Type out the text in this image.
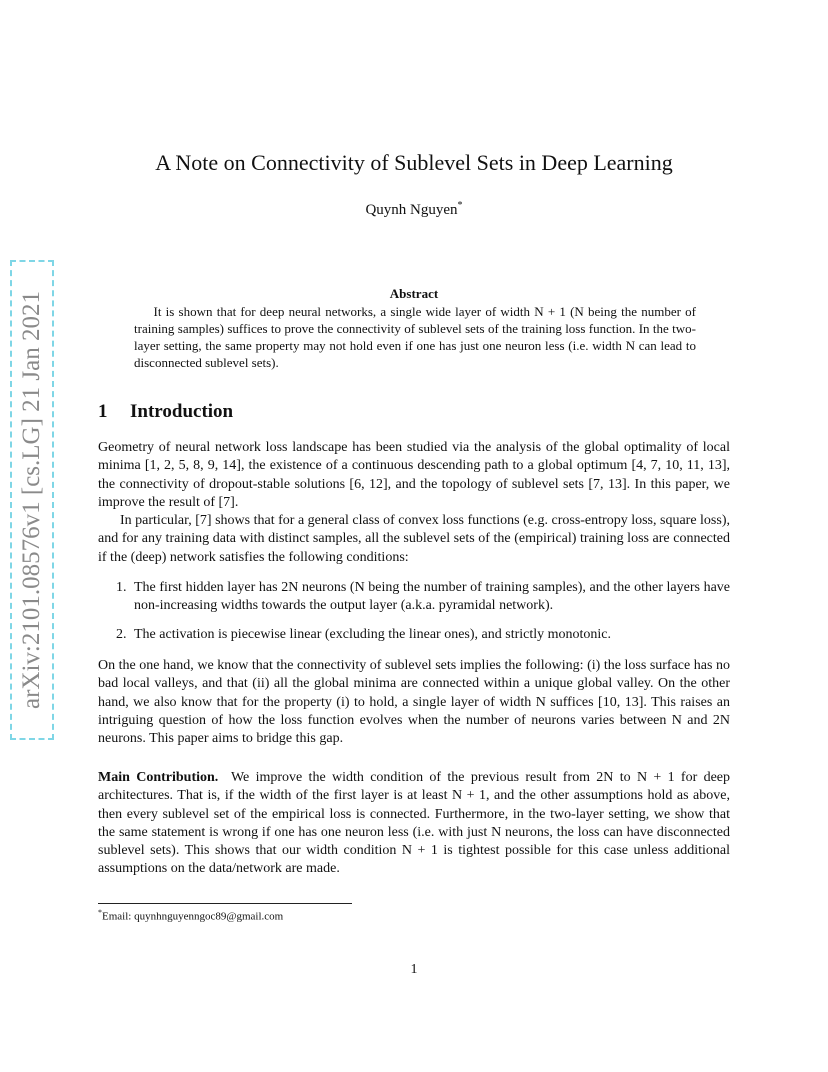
arXiv:2101.08576v1 [cs.LG] 21 Jan 2021
A Note on Connectivity of Sublevel Sets in Deep Learning
Quynh Nguyen*
Abstract

It is shown that for deep neural networks, a single wide layer of width N + 1 (N being the number of training samples) suffices to prove the connectivity of sublevel sets of the training loss function. In the two-layer setting, the same property may not hold even if one has just one neuron less (i.e. width N can lead to disconnected sublevel sets).

1 Introduction

Geometry of neural network loss landscape has been studied via the analysis of the global optimality of local minima [1, 2, 5, 8, 9, 14], the existence of a continuous descending path to a global optimum [4, 7, 10, 11, 13], the connectivity of dropout-stable solutions [6, 12], and the topology of sublevel sets [7, 13]. In this paper, we improve the result of [7].

In particular, [7] shows that for a general class of convex loss functions (e.g. cross-entropy loss, square loss), and for any training data with distinct samples, all the sublevel sets of the (empirical) training loss are connected if the (deep) network satisfies the following conditions:

1. The first hidden layer has 2N neurons (N being the number of training samples), and the other layers have non-increasing widths towards the output layer (a.k.a. pyramidal network).
2. The activation is piecewise linear (excluding the linear ones), and strictly monotonic.

On the one hand, we know that the connectivity of sublevel sets implies the following: (i) the loss surface has no bad local valleys, and that (ii) all the global minima are connected within a unique global valley. On the other hand, we also know that for the property (i) to hold, a single layer of width N suffices [10, 13]. This raises an intriguing question of how the loss function evolves when the number of neurons varies between N and 2N neurons. This paper aims to bridge this gap.

Main Contribution. We improve the width condition of the previous result from 2N to N + 1 for deep architectures. That is, if the width of the first layer is at least N + 1, and the other assumptions hold as above, then every sublevel set of the empirical loss is connected. Furthermore, in the two-layer setting, we show that the same statement is wrong if one has one neuron less (i.e. with just N neurons, the loss can have disconnected sublevel sets). This shows that our width condition N + 1 is tightest possible for this case unless additional assumptions on the data/network are made.

*Email: quynhnguyenngoc89@gmail.com
1
